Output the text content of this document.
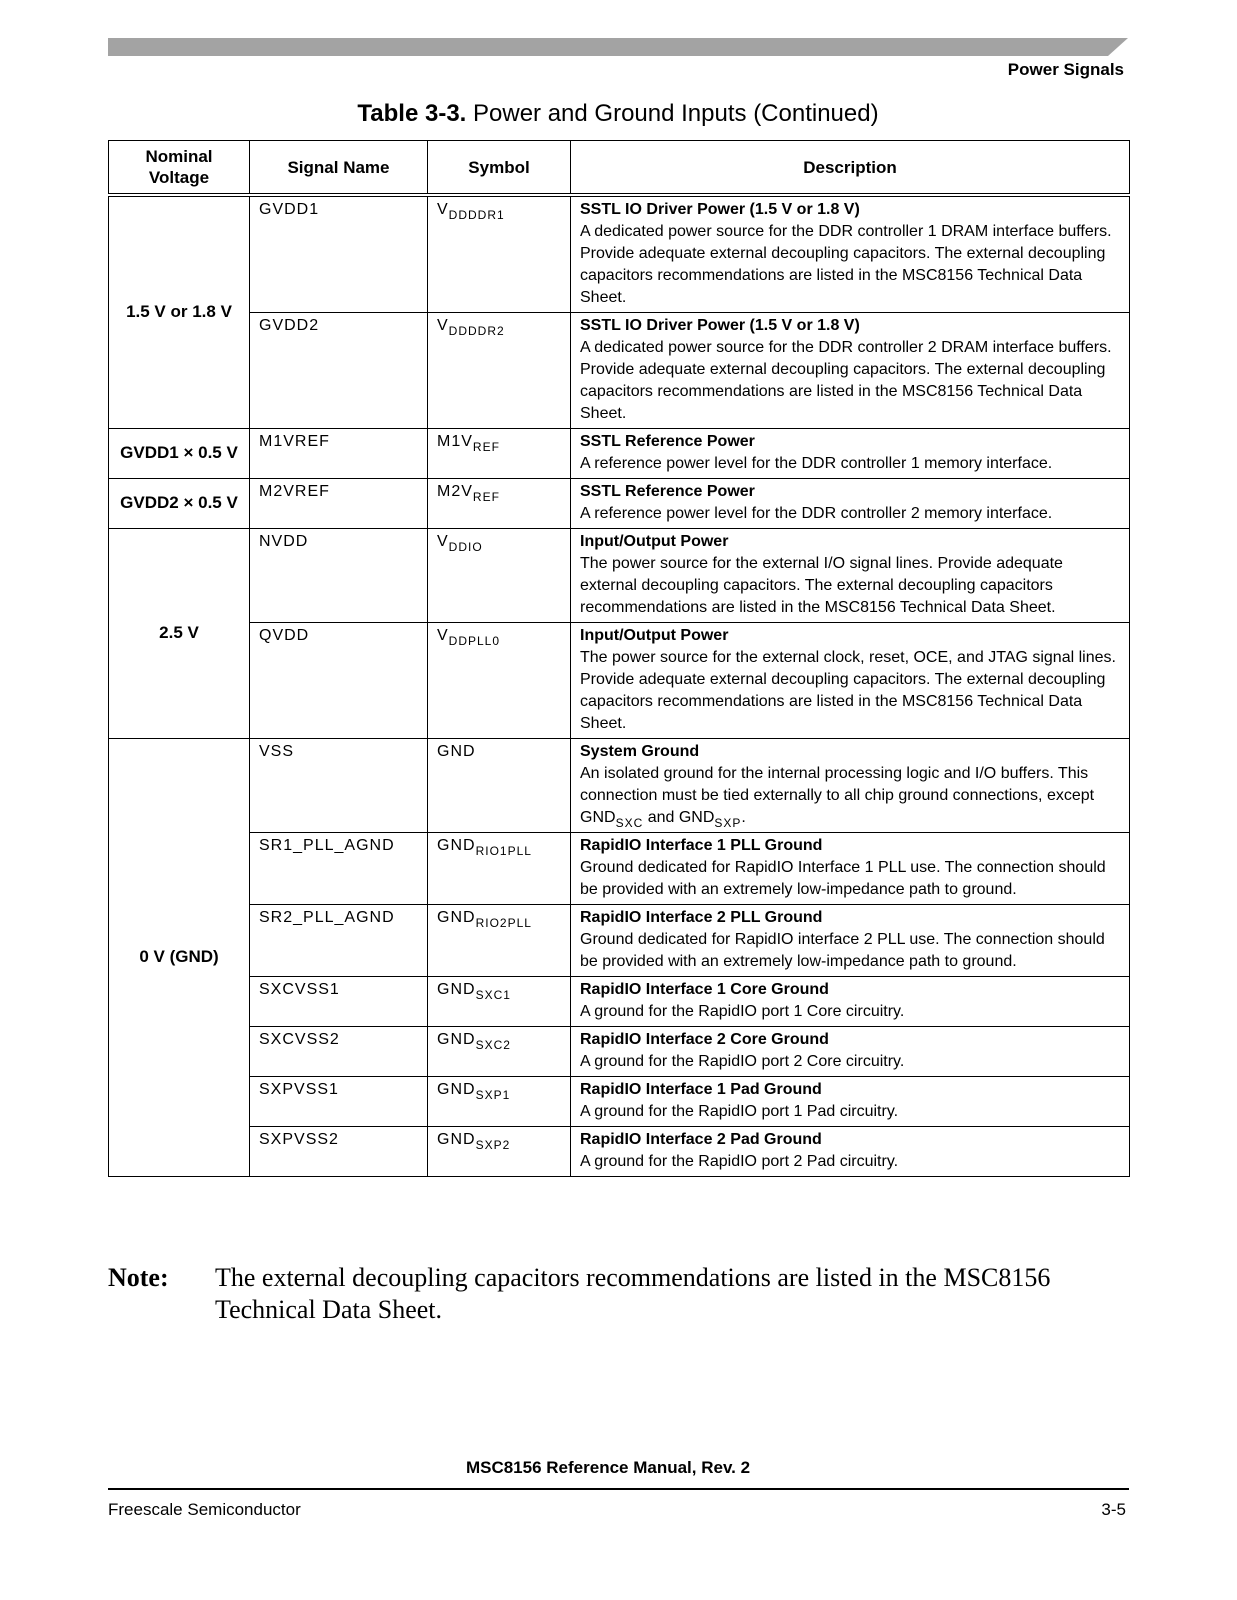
Power Signals
Table 3-3. Power and Ground Inputs (Continued)
Nominal Voltage	Signal Name	Symbol	Description
1.5 V or 1.8 V	GVDD1	$V_{DDDDR1}$	SSTL IO Driver Power (1.5 V or 1.8 V)
A dedicated power source for the DDR controller 1 DRAM interface buffers. Provide adequate external decoupling capacitors. The external decoupling capacitors recommendations are listed in the MSC8156 Technical Data Sheet.
	GVDD2	$V_{DDDDR2}$	SSTL IO Driver Power (1.5 V or 1.8 V)
A dedicated power source for the DDR controller 2 DRAM interface buffers. Provide adequate external decoupling capacitors. The external decoupling capacitors recommendations are listed in the MSC8156 Technical Data Sheet.
GVDD1 × 0.5 V	M1VREF	$M1V_{REF}$	SSTL Reference Power
A reference power level for the DDR controller 1 memory interface.
GVDD2 × 0.5 V	M2VREF	$M2V_{REF}$	SSTL Reference Power
A reference power level for the DDR controller 2 memory interface.
2.5 V	NVDD	$V_{DDIO}$	Input/Output Power
The power source for the external I/O signal lines. Provide adequate external decoupling capacitors. The external decoupling capacitors recommendations are listed in the MSC8156 Technical Data Sheet.
	QVDD	$V_{DDPLL0}$	Input/Output Power
The power source for the external clock, reset, OCE, and JTAG signal lines. Provide adequate external decoupling capacitors. The external decoupling capacitors recommendations are listed in the MSC8156 Technical Data Sheet.
0 V (GND)	VSS	GND	System Ground
An isolated ground for the internal processing logic and I/O buffers. This connection must be tied externally to all chip ground connections, except $GND_{SXC}$ and $GND_{SXP}$.
	SR1_PLL_AGND	$GND_{RIO1PLL}$	RapidIO Interface 1 PLL Ground
Ground dedicated for RapidIO Interface 1 PLL use. The connection should be provided with an extremely low-impedance path to ground.
	SR2_PLL_AGND	$GND_{RIO2PLL}$	RapidIO Interface 2 PLL Ground
Ground dedicated for RapidIO interface 2 PLL use. The connection should be provided with an extremely low-impedance path to ground.
	SXCVSS1	$GND_{SXC1}$	RapidIO Interface 1 Core Ground
A ground for the RapidIO port 1 Core circuitry.
	SXCVSS2	$GND_{SXC2}$	RapidIO Interface 2 Core Ground
A ground for the RapidIO port 2 Core circuitry.
	SXPVSS1	$GND_{SXP1}$	RapidIO Interface 1 Pad Ground
A ground for the RapidIO port 1 Pad circuitry.
	SXPVSS2	$GND_{SXP2}$	RapidIO Interface 2 Pad Ground
A ground for the RapidIO port 2 Pad circuitry.
Note: The external decoupling capacitors recommendations are listed in the MSC8156 Technical Data Sheet.
MSC8156 Reference Manual, Rev. 2
Freescale Semiconductor	3-5
